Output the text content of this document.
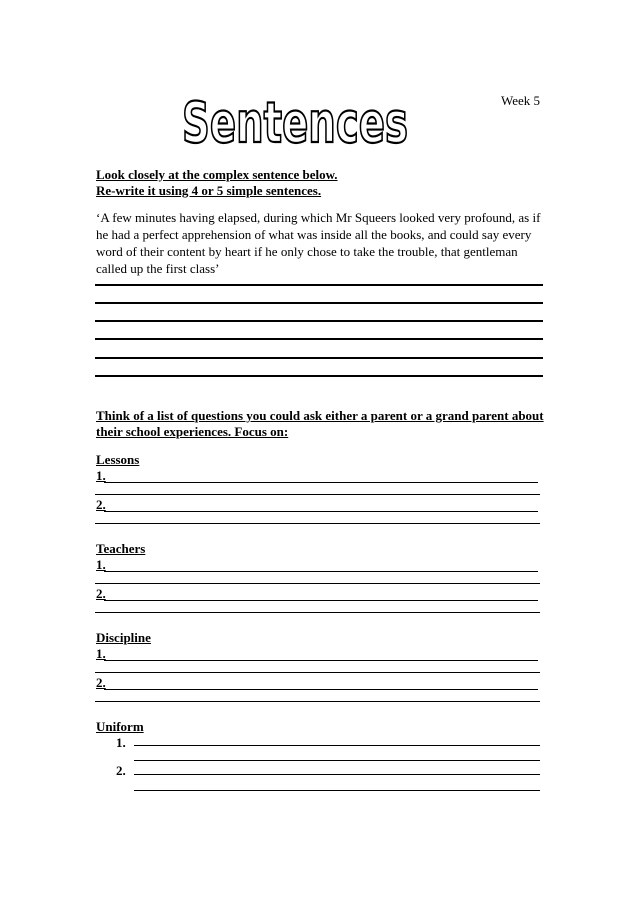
Sentences	Week 5
Look closely at the complex sentence below.
Re-write it using 4 or 5 simple sentences.
‘A few minutes having elapsed, during which Mr Squeers looked very profound, as if
he had a perfect apprehension of what was inside all the books, and could say every
word of their content by heart if he only chose to take the trouble, that gentleman
called up the first class’
Think of a list of questions you could ask either a parent or a grand parent about
their school experiences. Focus on:
Lessons
1.
2.
Teachers
1.
2.
Discipline
1.
2.
Uniform
1.
2.
